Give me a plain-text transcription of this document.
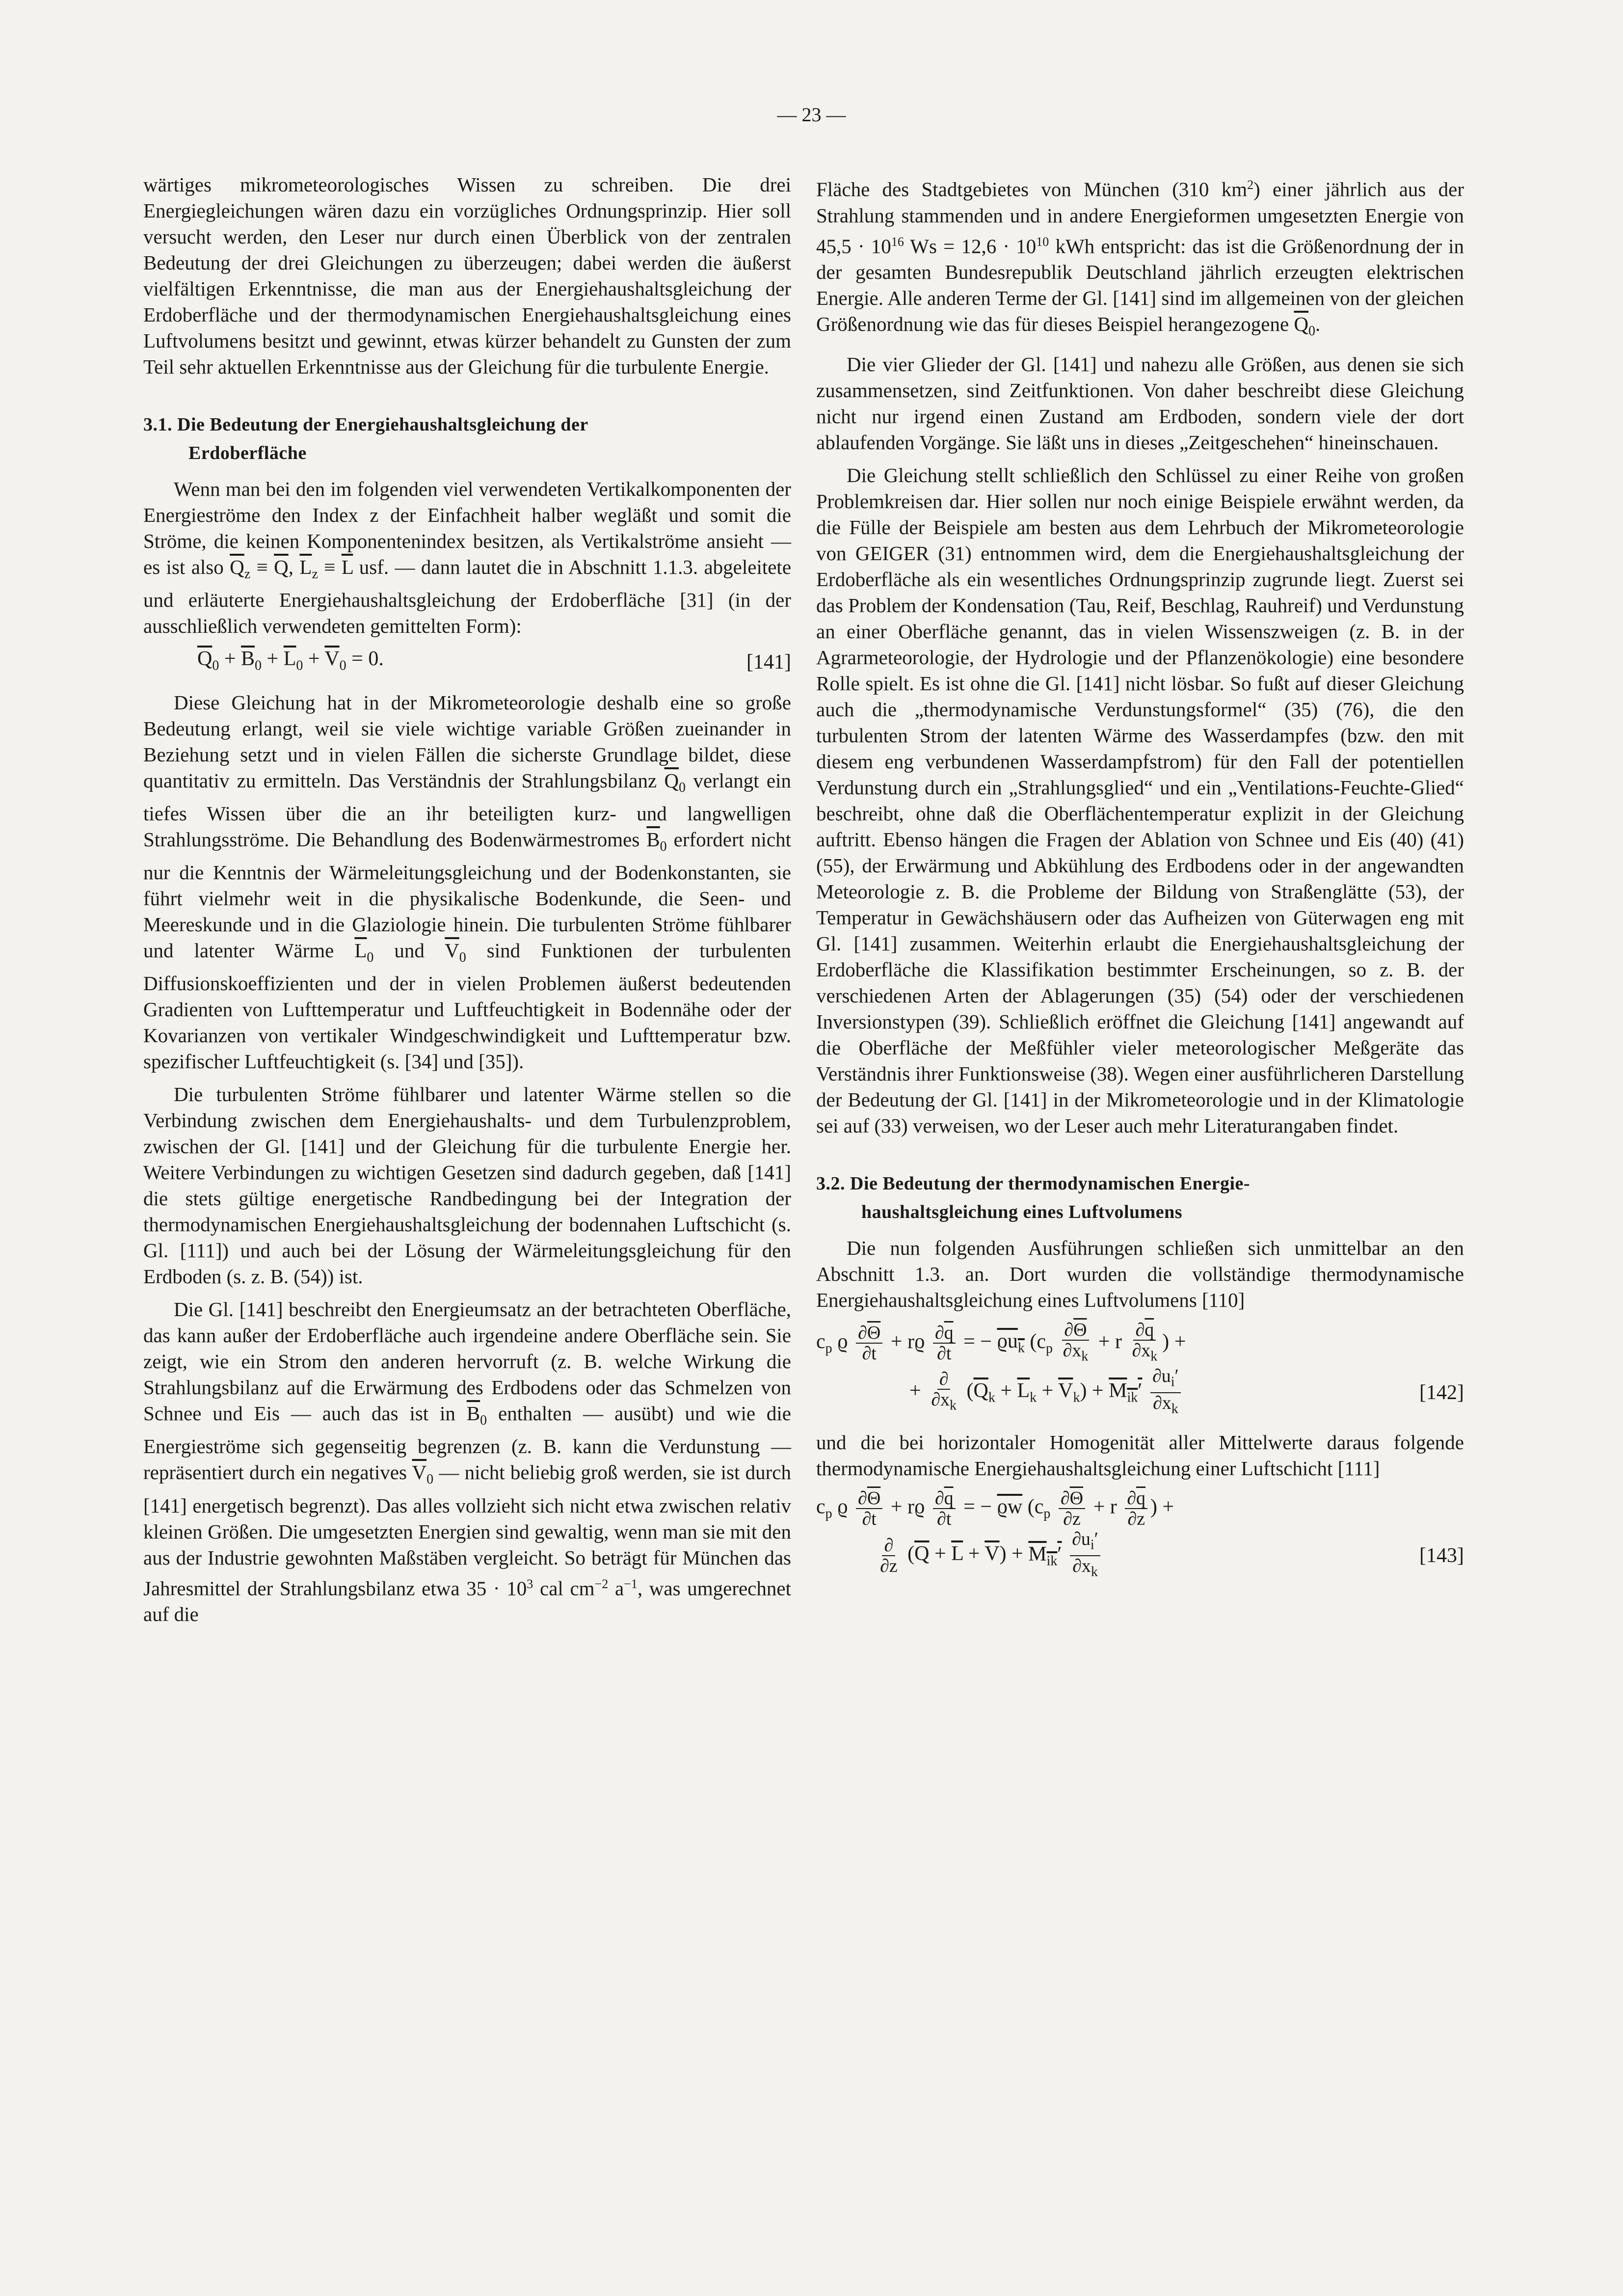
— 23 —

wärtiges mikrometeorologisches Wissen zu schreiben. Die drei Energiegleichungen wären dazu ein vorzügliches Ordnungsprinzip. Hier soll versucht werden, den Leser nur durch einen Überblick von der zentralen Bedeutung der drei Gleichungen zu überzeugen; dabei werden die äußerst vielfältigen Erkenntnisse, die man aus der Energiehaushaltsgleichung der Erdoberfläche und der thermodynamischen Energiehaushaltsgleichung eines Luftvolumens besitzt und gewinnt, etwas kürzer behandelt zu Gunsten der zum Teil sehr aktuellen Erkenntnisse aus der Gleichung für die turbulente Energie.

3.1. Die Bedeutung der Energiehaushaltsgleichung der
Erdoberfläche

Wenn man bei den im folgenden viel verwendeten Vertikalkomponenten der Energieströme den Index z der Einfachheit halber wegläßt und somit die Ströme, die keinen Komponentenindex besitzen, als Vertikalströme ansieht — es ist also $\overline{Q}_z \equiv \overline{Q}$, $\overline{L}_z \equiv \overline{L}$ usf. — dann lautet die in Abschnitt 1.1.3. abgeleitete und erläuterte Energiehaushaltsgleichung der Erdoberfläche [31] (in der ausschließlich verwendeten gemittelten Form):

$\overline{Q}_0 + \overline{B}_0 + \overline{L}_0 + \overline{V}_0 = 0$.	[141]

Diese Gleichung hat in der Mikrometeorologie deshalb eine so große Bedeutung erlangt, weil sie viele wichtige variable Größen zueinander in Beziehung setzt und in vielen Fällen die sicherste Grundlage bildet, diese quantitativ zu ermitteln. Das Verständnis der Strahlungsbilanz $\overline{Q}_0$ verlangt ein tiefes Wissen über die an ihr beteiligten kurz- und langwelligen Strahlungsströme. Die Behandlung des Bodenwärmestromes $\overline{B}_0$ erfordert nicht nur die Kenntnis der Wärmeleitungsgleichung und der Bodenkonstanten, sie führt vielmehr weit in die physikalische Bodenkunde, die Seen- und Meereskunde und in die Glaziologie hinein. Die turbulenten Ströme fühlbarer und latenter Wärme $\overline{L}_0$ und $\overline{V}_0$ sind Funktionen der turbulenten Diffusionskoeffizienten und der in vielen Problemen äußerst bedeutenden Gradienten von Lufttemperatur und Luftfeuchtigkeit in Bodennähe oder der Kovarianzen von vertikaler Windgeschwindigkeit und Lufttemperatur bzw. spezifischer Luftfeuchtigkeit (s. [34] und [35]).

Die turbulenten Ströme fühlbarer und latenter Wärme stellen so die Verbindung zwischen dem Energiehaushalts- und dem Turbulenzproblem, zwischen der Gl. [141] und der Gleichung für die turbulente Energie her. Weitere Verbindungen zu wichtigen Gesetzen sind dadurch gegeben, daß [141] die stets gültige energetische Randbedingung bei der Integration der thermodynamischen Energiehaushaltsgleichung der bodennahen Luftschicht (s. Gl. [111]) und auch bei der Lösung der Wärmeleitungsgleichung für den Erdboden (s. z. B. (54)) ist.

Die Gl. [141] beschreibt den Energieumsatz an der betrachteten Oberfläche, das kann außer der Erdoberfläche auch irgendeine andere Oberfläche sein. Sie zeigt, wie ein Strom den anderen hervorruft (z. B. welche Wirkung die Strahlungsbilanz auf die Erwärmung des Erdbodens oder das Schmelzen von Schnee und Eis — auch das ist in $\overline{B}_0$ enthalten — ausübt) und wie die Energieströme sich gegenseitig begrenzen (z. B. kann die Verdunstung — repräsentiert durch ein negatives $\overline{V}_0$ — nicht beliebig groß werden, sie ist durch [141] energetisch begrenzt). Das alles vollzieht sich nicht etwa zwischen relativ kleinen Größen. Die umgesetzten Energien sind gewaltig, wenn man sie mit den aus der Industrie gewohnten Maßstäben vergleicht. So beträgt für München das Jahresmittel der Strahlungsbilanz etwa $35 \cdot 10^3$ cal $cm^{-2}$ $a^{-1}$, was umgerechnet auf die

Fläche des Stadtgebietes von München (310 $km^2$) einer jährlich aus der Strahlung stammenden und in andere Energieformen umgesetzten Energie von $45,5 \cdot 10^{16}$ $Ws = 12,6 \cdot 10^{10}$ kWh entspricht: das ist die Größenordnung der in der gesamten Bundesrepublik Deutschland jährlich erzeugten elektrischen Energie. Alle anderen Terme der Gl. [141] sind im allgemeinen von der gleichen Größenordnung wie das für dieses Beispiel herangezogene $\overline{Q}_0$.

Die vier Glieder der Gl. [141] und nahezu alle Größen, aus denen sie sich zusammensetzen, sind Zeitfunktionen. Von daher beschreibt diese Gleichung nicht nur irgend einen Zustand am Erdboden, sondern viele der dort ablaufenden Vorgänge. Sie läßt uns in dieses „Zeitgeschehen“ hineinschauen.

Die Gleichung stellt schließlich den Schlüssel zu einer Reihe von großen Problemkreisen dar. Hier sollen nur noch einige Beispiele erwähnt werden, da die Fülle der Beispiele am besten aus dem Lehrbuch der Mikrometeorologie von GEIGER (31) entnommen wird, dem die Energiehaushaltsgleichung der Erdoberfläche als ein wesentliches Ordnungsprinzip zugrunde liegt. Zuerst sei das Problem der Kondensation (Tau, Reif, Beschlag, Rauhreif) und Verdunstung an einer Oberfläche genannt, das in vielen Wissenszweigen (z. B. in der Agrarmeteorologie, der Hydrologie und der Pflanzenökologie) eine besondere Rolle spielt. Es ist ohne die Gl. [141] nicht lösbar. So fußt auf dieser Gleichung auch die „thermodynamische Verdunstungsformel“ (35) (76), die den turbulenten Strom der latenten Wärme des Wasserdampfes (bzw. den mit diesem eng verbundenen Wasserdampfstrom) für den Fall der potentiellen Verdunstung durch ein „Strahlungsglied“ und ein „Ventilations-Feuchte-Glied“ beschreibt, ohne daß die Oberflächentemperatur explizit in der Gleichung auftritt. Ebenso hängen die Fragen der Ablation von Schnee und Eis (40) (41) (55), der Erwärmung und Abkühlung des Erdbodens oder in der angewandten Meteorologie z. B. die Probleme der Bildung von Straßenglätte (53), der Temperatur in Gewächshäusern oder das Aufheizen von Güterwagen eng mit Gl. [141] zusammen. Weiterhin erlaubt die Energiehaushaltsgleichung der Erdoberfläche die Klassifikation bestimmter Erscheinungen, so z. B. der verschiedenen Arten der Ablagerungen (35) (54) oder der verschiedenen Inversionstypen (39). Schließlich eröffnet die Gleichung [141] angewandt auf die Oberfläche der Meßfühler vieler meteorologischer Meßgeräte das Verständnis ihrer Funktionsweise (38). Wegen einer ausführlicheren Darstellung der Bedeutung der Gl. [141] in der Mikrometeorologie und in der Klimatologie sei auf (33) verweisen, wo der Leser auch mehr Literaturangaben findet.

3.2. Die Bedeutung der thermodynamischen Energie-
haushaltsgleichung eines Luftvolumens

Die nun folgenden Ausführungen schließen sich unmittelbar an den Abschnitt 1.3. an. Dort wurden die vollständige thermodynamische Energiehaushaltsgleichung eines Luftvolumens [110]

$c_p$ ϱ $\frac{\partial\overline{\Theta}}{\partial t} + rϱ \frac{\partial\overline{q}}{\partial t}$ = − $ϱu_k$ ($c_p \frac{\partial\overline{\Theta}}{\partial x_k} + r \frac{\partial\overline{q}}{\partial x_k}$ ) +
+ $\frac{\partial}{\partial x_k} (\overline{Q}_k + \overline{L}_k + \overline{V}_k) + M_{ik}' \frac{\partial u_i'}{\partial x_k}$	[142]

und die bei horizontaler Homogenität aller Mittelwerte daraus folgende thermodynamische Energiehaushaltsgleichung einer Luftschicht [111]

$c_p$ ϱ $\frac{\partial\overline{\Theta}}{\partial t} + rϱ \frac{\partial\overline{q}}{\partial t}$ = − $\overline{ϱw}$ ($c_p \frac{\partial\overline{\Theta}}{\partial z} + r \frac{\partial\overline{q}}{\partial z}$ ) +
$\frac{\partial}{\partial z} (\overline{Q} + \overline{L} + \overline{V}) + M_{ik}' \frac{\partial u_i'}{\partial x_k}$	[143]
